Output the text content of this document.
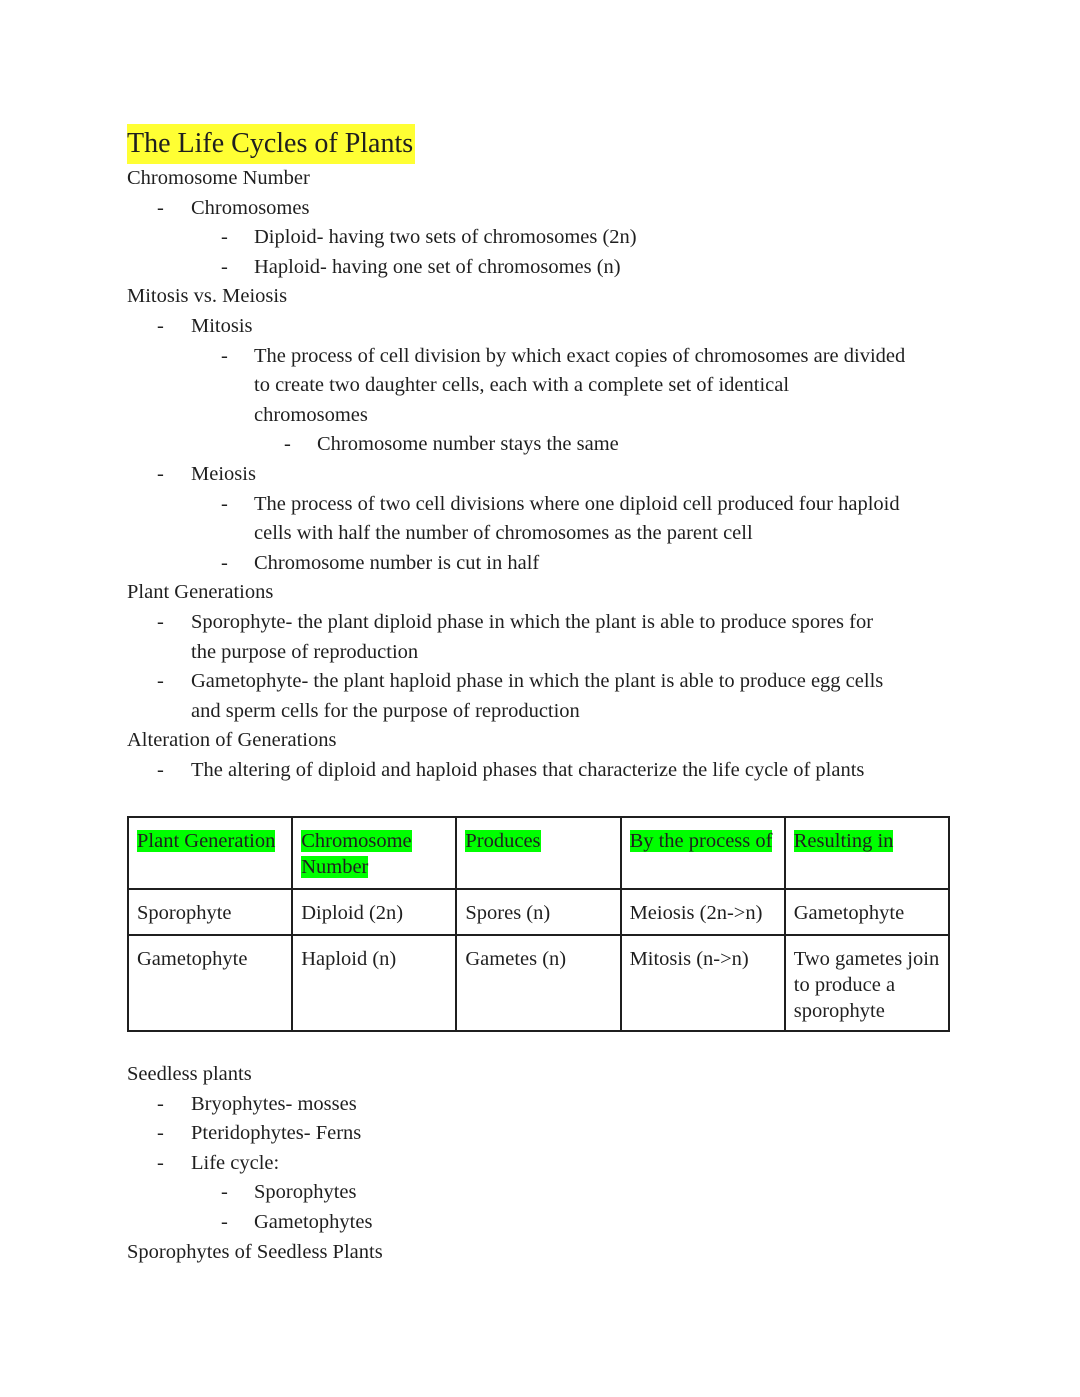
The Life Cycles of Plants

Chromosome Number

- Chromosomes

- Diploid- having two sets of chromosomes (2n)

- Haploid- having one set of chromosomes (n)

Mitosis vs. Meiosis

- Mitosis

- The process of cell division by which exact copies of chromosomes are divided

to create two daughter cells, each with a complete set of identical

chromosomes

- Chromosome number stays the same

- Meiosis

- The process of two cell divisions where one diploid cell produced four haploid

cells with half the number of chromosomes as the parent cell

- Chromosome number is cut in half

Plant Generations

- Sporophyte- the plant diploid phase in which the plant is able to produce spores for

the purpose of reproduction

- Gametophyte- the plant haploid phase in which the plant is able to produce egg cells

and sperm cells for the purpose of reproduction

Alteration of Generations

- The altering of diploid and haploid phases that characterize the life cycle of plants

Plant Generation	Chromosome Number	Produces	By the process of	Resulting in
Sporophyte	Diploid (2n)	Spores (n)	Meiosis (2n->n)	Gametophyte
Gametophyte	Haploid (n)	Gametes (n)	Mitosis (n->n)	Two gametes join to produce a sporophyte

Seedless plants

- Bryophytes- mosses

- Pteridophytes- Ferns

- Life cycle:

- Sporophytes

- Gametophytes

Sporophytes of Seedless Plants
